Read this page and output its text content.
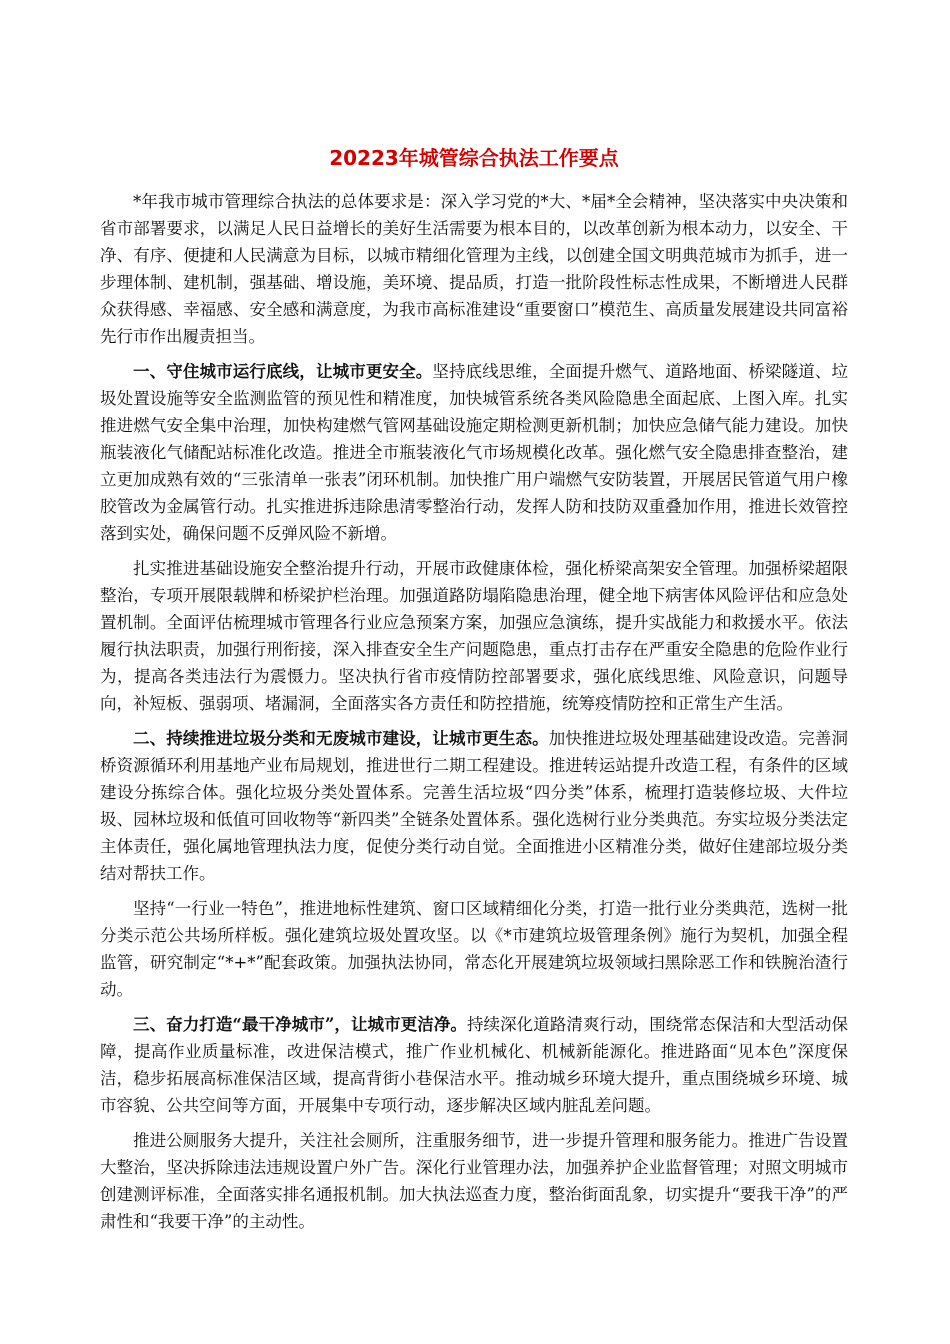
20223年城管综合执法工作要点

*年我市城市管理综合执法的总体要求是：深入学习党的*大、*届*全会精神，坚决落实中央决策和省市部署要求，以满足人民日益增长的美好生活需要为根本目的，以改革创新为根本动力，以安全、干净、有序、便捷和人民满意为目标，以城市精细化管理为主线，以创建全国文明典范城市为抓手，进一步理体制、建机制，强基础、增设施，美环境、提品质，打造一批阶段性标志性成果，不断增进人民群众获得感、幸福感、安全感和满意度，为我市高标准建设“重要窗口”模范生、高质量发展建设共同富裕先行市作出履责担当。

一、守住城市运行底线，让城市更安全。坚持底线思维，全面提升燃气、道路地面、桥梁隧道、垃圾处置设施等安全监测监管的预见性和精准度，加快城管系统各类风险隐患全面起底、上图入库。扎实推进燃气安全集中治理，加快构建燃气管网基础设施定期检测更新机制；加快应急储气能力建设。加快瓶装液化气储配站标准化改造。推进全市瓶装液化气市场规模化改革。强化燃气安全隐患排查整治，建立更加成熟有效的“三张清单一张表”闭环机制。加快推广用户端燃气安防装置，开展居民管道气用户橡胶管改为金属管行动。扎实推进拆违除患清零整治行动，发挥人防和技防双重叠加作用，推进长效管控落到实处，确保问题不反弹风险不新增。

扎实推进基础设施安全整治提升行动，开展市政健康体检，强化桥梁高架安全管理。加强桥梁超限整治，专项开展限载牌和桥梁护栏治理。加强道路防塌陷隐患治理，健全地下病害体风险评估和应急处置机制。全面评估梳理城市管理各行业应急预案方案，加强应急演练，提升实战能力和救援水平。依法履行执法职责，加强行刑衔接，深入排查安全生产问题隐患，重点打击存在严重安全隐患的危险作业行为，提高各类违法行为震慑力。坚决执行省市疫情防控部署要求，强化底线思维、风险意识，问题导向，补短板、强弱项、堵漏洞，全面落实各方责任和防控措施，统筹疫情防控和正常生产生活。

二、持续推进垃圾分类和无废城市建设，让城市更生态。加快推进垃圾处理基础建设改造。完善洞桥资源循环利用基地产业布局规划，推进世行二期工程建设。推进转运站提升改造工程，有条件的区域建设分拣综合体。强化垃圾分类处置体系。完善生活垃圾“四分类”体系，梳理打造装修垃圾、大件垃圾、园林垃圾和低值可回收物等“新四类”全链条处置体系。强化选树行业分类典范。夯实垃圾分类法定主体责任，强化属地管理执法力度，促使分类行动自觉。全面推进小区精准分类，做好住建部垃圾分类结对帮扶工作。

坚持“一行业一特色”，推进地标性建筑、窗口区域精细化分类，打造一批行业分类典范，选树一批分类示范公共场所样板。强化建筑垃圾处置攻坚。以《*市建筑垃圾管理条例》施行为契机，加强全程监管，研究制定“*+*”配套政策。加强执法协同，常态化开展建筑垃圾领域扫黑除恶工作和铁腕治渣行动。

三、奋力打造“最干净城市”，让城市更洁净。持续深化道路清爽行动，围绕常态保洁和大型活动保障，提高作业质量标准，改进保洁模式，推广作业机械化、机械新能源化。推进路面“见本色”深度保洁，稳步拓展高标准保洁区域，提高背街小巷保洁水平。推动城乡环境大提升，重点围绕城乡环境、城市容貌、公共空间等方面，开展集中专项行动，逐步解决区域内脏乱差问题。

推进公厕服务大提升，关注社会厕所，注重服务细节，进一步提升管理和服务能力。推进广告设置大整治，坚决拆除违法违规设置户外广告。深化行业管理办法，加强养护企业监督管理；对照文明城市创建测评标准，全面落实排名通报机制。加大执法巡查力度，整治街面乱象，切实提升“要我干净”的严肃性和“我要干净”的主动性。
